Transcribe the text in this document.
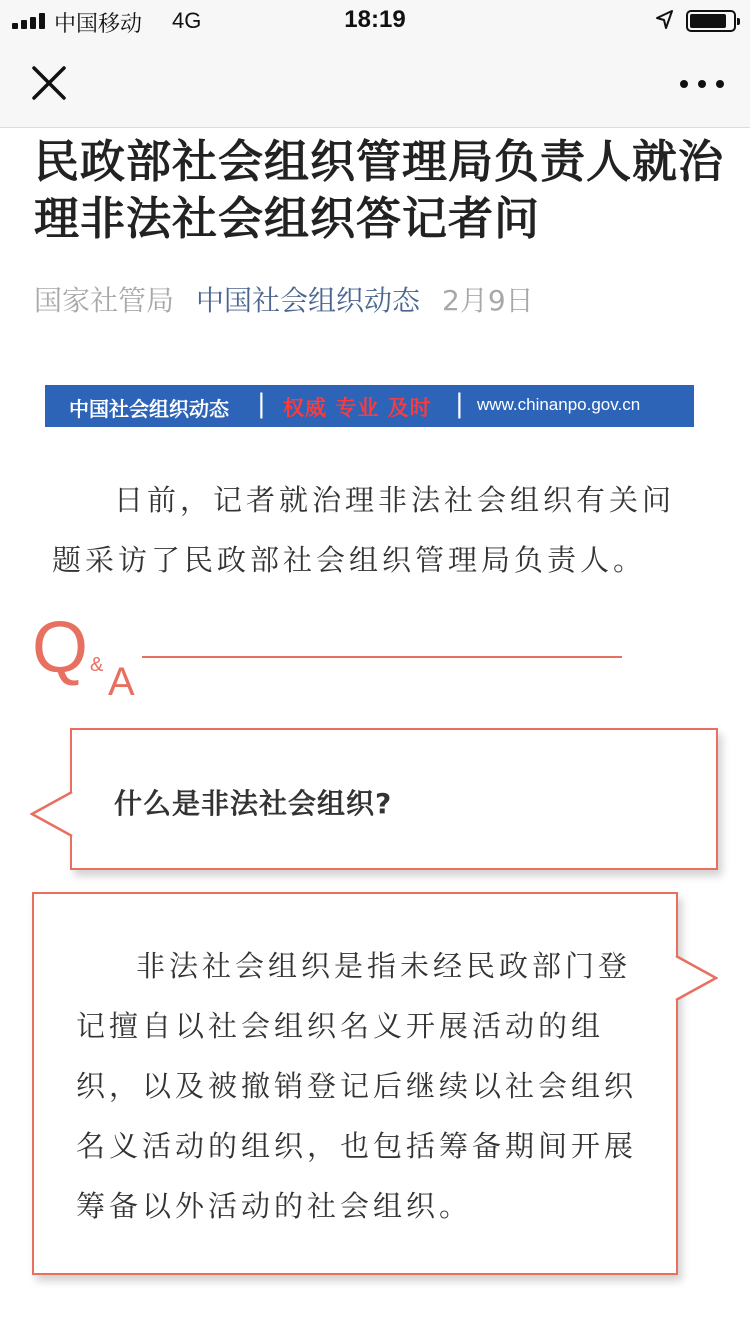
中国移动 4G	18:19
民政部社会组织管理局负责人就治理非法社会组织答记者问
国家社管局 中国社会组织动态 2月9日
中国社会组织动态 | 权威 专业 及时 | www.chinanpo.gov.cn

日前，记者就治理非法社会组织有关问题采访了民政部社会组织管理局负责人。

Q & A
什么是非法社会组织?

非法社会组织是指未经民政部门登记擅自以社会组织名义开展活动的组织，以及被撤销登记后继续以社会组织名义活动的组织，也包括筹备期间开展筹备以外活动的社会组织。
